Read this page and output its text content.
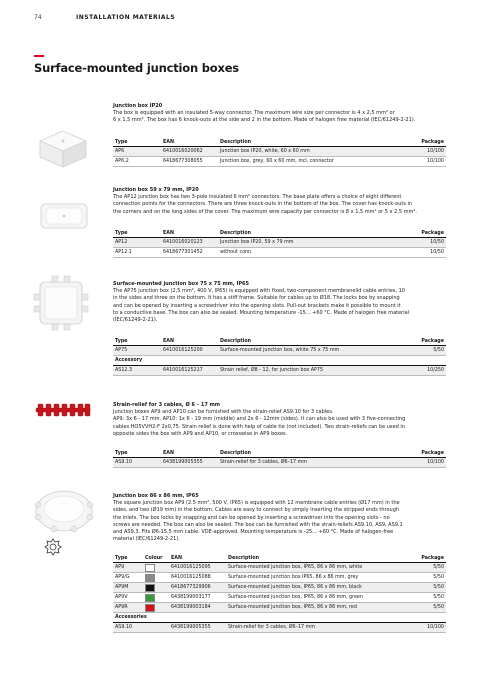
74	INSTALLATION MATERIALS
Surface-mounted junction boxes
Junction box IP20
The box is equipped with an insulated 5-way connector. The maximum wire size per connector is 4 x 2,5 mm² or
6 x 1,5 mm². The box has 6 knock-outs at the side and 2 in the bottom. Made of halogen free material (IEC/61249-2-21).
Type	EAN	Description	Package
AP6	6410016020062	Junction box IP20, white, 60 x 60 mm	10/100
AP6.2	6418677308055	Junction box, grey, 60 x 60 mm, incl. connector	10/100
Junction box 59 x 79 mm, IP20
The AP12 junction box has two 3-pole insulated 6 mm² connectors. The base plate offers a choice of eight different
connection points for the connectors. There are three knock-outs in the bottom of the box. The cover has knock-outs in
the corners and on the long sides of the cover. The maximum wire capacity per connector is 8 x 1,5 mm² or 5 x 2,5 mm².
Type	EAN	Description	Package
AP12	6410016020123	Junction box IP20, 59 x 79 mm	10/50
AP12.1	6418677301452	without conn.	10/50
Surface-mounted junction box 75 x 75 mm, IP65
The AP75 junction box (2,5 mm², 400 V, IP65) is equipped with fixed, two-component membranelid cable entries, 10
in the sides and three on the bottom. It has a stiff frame. Suitable for cables up to Ø18. The locks box by snapping
and can be opened by inserting a screwdriver into the opening slots. Pull-out brackets make it possible to mount it
to a conductive base. The box can also be sealed. Mounting temperature -15... +60 °C. Made of halogen free material
(IEC/61249-2-21).
Type	EAN	Description	Package
AP75	6410016125200	Surface-mounted junction box, white 75 x 75 mm	5/50
Accessory			
AS12.3	6410016125217	Strain relief, Ø8 - 12, for junction box AP75	10/250
Strain-relief for 3 cables, Ø 6 – 17 mm
Junction boxes AP9 and AP10 can be furnished with the strain-relief AS9.10 for 3 cables.
AP9: 3x 6 - 17 mm. AP10: 1x 6 - 19 mm (middle) and 2x 6 - 12mm (sides). It can also be used with 3 five-connecting
cables HO5VVH2-F 2x0,75. Strain relief is done with help of cable tie (not included). Two strain-reliefs can be used in
opposite sides the box with AP9 and AP10, or crosswise in AP9 boxes.
Type	EAN	Description	Package
AS9.10	6438199005355	Strain-relief for 3 cables, Ø6–17 mm	10/100
Junction box 86 x 86 mm, IP65
The square junction box AP9 (2.5 mm², 500 V, IP65) is equipped with 12 membrane cable entries (Ø17 mm) in the
sides, and two (Ø19 mm) in the bottom. Cables are easy to connect by simply inserting the stripped ends through
the inlets. The box locks by snapping and can be opened by inserting a screwdriver into the opening slots - no
screws are needed. The box can also be sealed. The box can be furnished with the strain-reliefs AS9.10, AS9, AS9.1
and AS9.3. Fits Ø6-15.5 mm cable. VDE-approved. Mounting temperature is -25... +60 °C. Made of halogen-free
material (IEC/61249-2-21).
Type	Colour	EAN	Description	Package
AP9		6410016125095	Surface-mounted junction box, IP65, 86 x 86 mm, white	5/50
AP9/G		6410016125088	Surface-mounted junction box IP65, 86 x 86 mm, grey	5/50
AP9M		6418677329906	Surface-mounted junction box, IP65, 86 x 86 mm, black	5/50
AP9V		6438199003177	Surface-mounted junction box, IP65, 86 x 86 mm, green	5/50
AP9R		6438199003184	Surface-mounted junction box, IP65, 86 x 86 mm, red	5/50
Accessories				
AS9.10		6438199005355	Strain-relief for 3 cables, Ø6–17 mm	10/100
